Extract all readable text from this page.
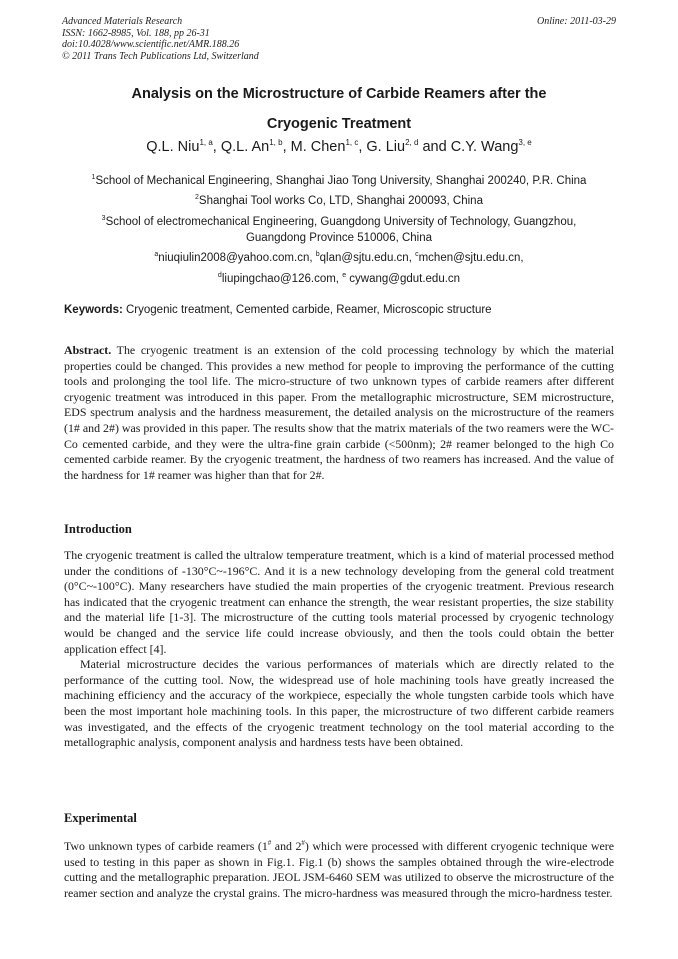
Advanced Materials Research
ISSN: 1662-8985, Vol. 188, pp 26-31
doi:10.4028/www.scientific.net/AMR.188.26
© 2011 Trans Tech Publications Ltd, Switzerland
Online: 2011-03-29
Analysis on the Microstructure of Carbide Reamers after the
Cryogenic Treatment
Q.L. Niu$^{1, a}$, Q.L. An$^{1, b}$, M. Chen$^{1, c}$, G. Liu$^{2, d}$ and C.Y. Wang$^{3, e}$
$^1$School of Mechanical Engineering, Shanghai Jiao Tong University, Shanghai 200240, P.R. China
$^2$Shanghai Tool works Co, LTD, Shanghai 200093, China
$^3$School of electromechanical Engineering, Guangdong University of Technology, Guangzhou,
Guangdong Province 510006, China
$^a$niuqiulin2008@yahoo.com.cn, $^b$qlan@sjtu.edu.cn, $^c$mchen@sjtu.edu.cn,
$^d$liupingchao@126.com, $^e$ cywang@gdut.edu.cn
Keywords: Cryogenic treatment, Cemented carbide, Reamer, Microscopic structure

Abstract. The cryogenic treatment is an extension of the cold processing technology by which the material properties could be changed. This provides a new method for people to improving the performance of the cutting tools and prolonging the tool life. The micro-structure of two unknown types of carbide reamers after different cryogenic treatment was introduced in this paper. From the metallographic microstructure, SEM microstructure, EDS spectrum analysis and the hardness measurement, the detailed analysis on the microstructure of the reamers (1# and 2#) was provided in this paper. The results show that the matrix materials of the two reamers were the WC-Co cemented carbide, and they were the ultra-fine grain carbide (<500nm); 2# reamer belonged to the high Co cemented carbide reamer. By the cryogenic treatment, the hardness of two reamers has increased. And the value of the hardness for 1# reamer was higher than that for 2#.

Introduction

The cryogenic treatment is called the ultralow temperature treatment, which is a kind of material processed method under the conditions of -130°C~-196°C. And it is a new technology developing from the general cold treatment (0°C~-100°C). Many researchers have studied the main properties of the cryogenic treatment. Previous research has indicated that the cryogenic treatment can enhance the strength, the wear resistant properties, the size stability and the material life [1-3]. The microstructure of the cutting tools material processed by cryogenic technology would be changed and the service life could increase obviously, and then the tools could obtain the better application effect [4].

Material microstructure decides the various performances of materials which are directly related to the performance of the cutting tool. Now, the widespread use of hole machining tools have greatly increased the machining efficiency and the accuracy of the workpiece, especially the whole tungsten carbide tools which have been the most important hole machining tools. In this paper, the microstructure of two different carbide reamers was investigated, and the effects of the cryogenic treatment technology on the tool material according to the metallographic analysis, component analysis and hardness tests have been obtained.

Experimental

Two unknown types of carbide reamers (1# and 2#) which were processed with different cryogenic technique were used to testing in this paper as shown in Fig.1. Fig.1 (b) shows the samples obtained through the wire-electrode cutting and the metallographic preparation. JEOL JSM-6460 SEM was utilized to observe the microstructure of the reamer section and analyze the crystal grains. The micro-hardness was measured through the micro-hardness tester.
